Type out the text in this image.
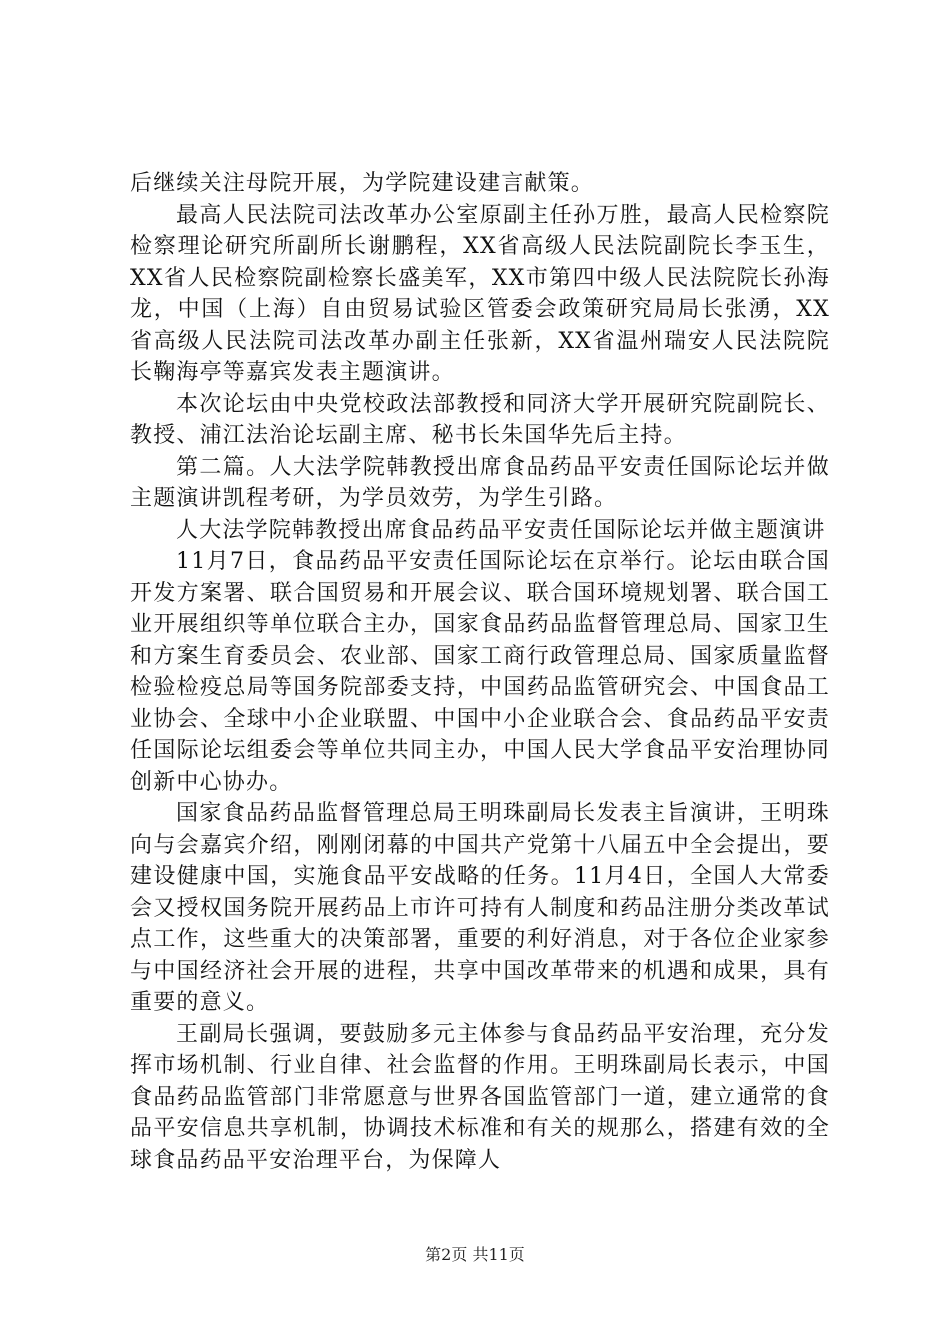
后继续关注母院开展，为学院建设建言献策。

最高人民法院司法改革办公室原副主任孙万胜，最高人民检察院检察理论研究所副所长谢鹏程，XX省高级人民法院副院长李玉生，XX省人民检察院副检察长盛美军，XX市第四中级人民法院院长孙海龙，中国（上海）自由贸易试验区管委会政策研究局局长张湧，XX省高级人民法院司法改革办副主任张新，XX省温州瑞安人民法院院长鞠海亭等嘉宾发表主题演讲。

本次论坛由中央党校政法部教授和同济大学开展研究院副院长、教授、浦江法治论坛副主席、秘书长朱国华先后主持。

第二篇。人大法学院韩教授出席食品药品平安责任国际论坛并做主题演讲凯程考研，为学员效劳，为学生引路。

人大法学院韩教授出席食品药品平安责任国际论坛并做主题演讲

11月7日，食品药品平安责任国际论坛在京举行。论坛由联合国开发方案署、联合国贸易和开展会议、联合国环境规划署、联合国工业开展组织等单位联合主办，国家食品药品监督管理总局、国家卫生和方案生育委员会、农业部、国家工商行政管理总局、国家质量监督检验检疫总局等国务院部委支持，中国药品监管研究会、中国食品工业协会、全球中小企业联盟、中国中小企业联合会、食品药品平安责任国际论坛组委会等单位共同主办，中国人民大学食品平安治理协同创新中心协办。

国家食品药品监督管理总局王明珠副局长发表主旨演讲，王明珠向与会嘉宾介绍，刚刚闭幕的中国共产党第十八届五中全会提出，要建设健康中国，实施食品平安战略的任务。11月4日，全国人大常委会又授权国务院开展药品上市许可持有人制度和药品注册分类改革试点工作，这些重大的决策部署，重要的利好消息，对于各位企业家参与中国经济社会开展的进程，共享中国改革带来的机遇和成果，具有重要的意义。

王副局长强调，要鼓励多元主体参与食品药品平安治理，充分发挥市场机制、行业自律、社会监督的作用。王明珠副局长表示，中国食品药品监管部门非常愿意与世界各国监管部门一道，建立通常的食品平安信息共享机制，协调技术标准和有关的规那么，搭建有效的全球食品药品平安治理平台，为保障人

第2页 共11页
